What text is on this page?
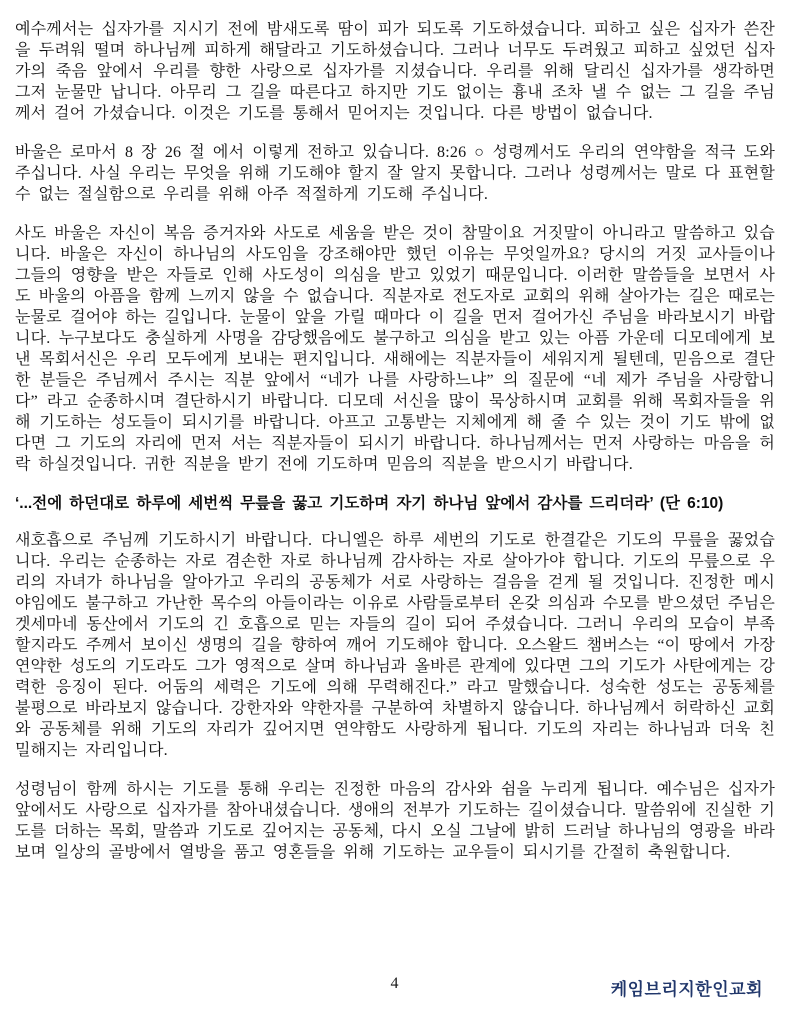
예수께서는 십자가를 지시기 전에 밤새도록 땀이 피가 되도록 기도하셨습니다. 피하고 싶은 십자가 쓴잔을 두려워 떨며 하나님께 피하게 해달라고 기도하셨습니다. 그러나 너무도 두려웠고 피하고 싶었던 십자가의 죽음 앞에서 우리를 향한 사랑으로 십자가를 지셨습니다. 우리를 위해 달리신 십자가를 생각하면 그저 눈물만 납니다. 아무리 그 길을 따른다고 하지만 기도 없이는 흉내 조차 낼 수 없는 그 길을 주님께서 걸어 가셨습니다. 이것은 기도를 통해서 믿어지는 것입니다. 다른 방법이 없습니다.

바울은 로마서 8 장 26 절 에서 이렇게 전하고 있습니다. 8:26 ○ 성령께서도 우리의 연약함을 적극 도와 주십니다. 사실 우리는 무엇을 위해 기도해야 할지 잘 알지 못합니다. 그러나 성령께서는 말로 다 표현할 수 없는 절실함으로 우리를 위해 아주 적절하게 기도해 주십니다.

사도 바울은 자신이 복음 증거자와 사도로 세움을 받은 것이 참말이요 거짓말이 아니라고 말씀하고 있습니다. 바울은 자신이 하나님의 사도임을 강조해야만 했던 이유는 무엇일까요? 당시의 거짓 교사들이나 그들의 영향을 받은 자들로 인해 사도성이 의심을 받고 있었기 때문입니다. 이러한 말씀들을 보면서 사도 바울의 아픔을 함께 느끼지 않을 수 없습니다. 직분자로 전도자로 교회의 위해 살아가는 길은 때로는 눈물로 걸어야 하는 길입니다. 눈물이 앞을 가릴 때마다 이 길을 먼저 걸어가신 주님을 바라보시기 바랍니다. 누구보다도 충실하게 사명을 감당했음에도 불구하고 의심을 받고 있는 아픔 가운데 디모데에게 보낸 목회서신은 우리 모두에게 보내는 편지입니다. 새해에는 직분자들이 세워지게 될텐데, 믿음으로 결단한 분들은 주님께서 주시는 직분 앞에서 “네가 나를 사랑하느냐” 의 질문에 “네 제가 주님을 사랑합니다” 라고 순종하시며 결단하시기 바랍니다. 디모데 서신을 많이 묵상하시며 교회를 위해 목회자들을 위해 기도하는 성도들이 되시기를 바랍니다. 아프고 고통받는 지체에게 해 줄 수 있는 것이 기도 밖에 없다면 그 기도의 자리에 먼저 서는 직분자들이 되시기 바랍니다. 하나님께서는 먼저 사랑하는 마음을 허락 하실것입니다. 귀한 직분을 받기 전에 기도하며 믿음의 직분을 받으시기 바랍니다.

‘...전에 하던대로 하루에 세번씩 무릎을 꿇고 기도하며 자기 하나님 앞에서 감사를 드리더라’ (단 6:10)

새호흡으로 주님께 기도하시기 바랍니다. 다니엘은 하루 세번의 기도로 한결같은 기도의 무릎을 꿇었습니다. 우리는 순종하는 자로 겸손한 자로 하나님께 감사하는 자로 살아가야 합니다. 기도의 무릎으로 우리의 자녀가 하나님을 알아가고 우리의 공동체가 서로 사랑하는 걸음을 걷게 될 것입니다. 진정한 메시야임에도 불구하고 가난한 목수의 아들이라는 이유로 사람들로부터 온갖 의심과 수모를 받으셨던 주님은 겟세마네 동산에서 기도의 긴 호흡으로 믿는 자들의 길이 되어 주셨습니다. 그러니 우리의 모습이 부족할지라도 주께서 보이신 생명의 길을 향하여 깨어 기도해야 합니다. 오스왈드 챔버스는 “이 땅에서 가장 연약한 성도의 기도라도 그가 영적으로 살며 하나님과 올바른 관계에 있다면 그의 기도가 사탄에게는 강력한 응징이 된다. 어둠의 세력은 기도에 의해 무력해진다.” 라고 말했습니다. 성숙한 성도는 공동체를 불평으로 바라보지 않습니다. 강한자와 약한자를 구분하여 차별하지 않습니다. 하나님께서 허락하신 교회와 공동체를 위해 기도의 자리가 깊어지면 연약함도 사랑하게 됩니다. 기도의 자리는 하나님과 더욱 친밀해지는 자리입니다.

성령님이 함께 하시는 기도를 통해 우리는 진정한 마음의 감사와 쉼을 누리게 됩니다. 예수님은 십자가 앞에서도 사랑으로 십자가를 참아내셨습니다. 생애의 전부가 기도하는 길이셨습니다. 말씀위에 진실한 기도를 더하는 목회, 말씀과 기도로 깊어지는 공동체, 다시 오실 그날에 밝히 드러날 하나님의 영광을 바라보며 일상의 골방에서 열방을 품고 영혼들을 위해 기도하는 교우들이 되시기를 간절히 축원합니다.

4	케임브리지한인교회
